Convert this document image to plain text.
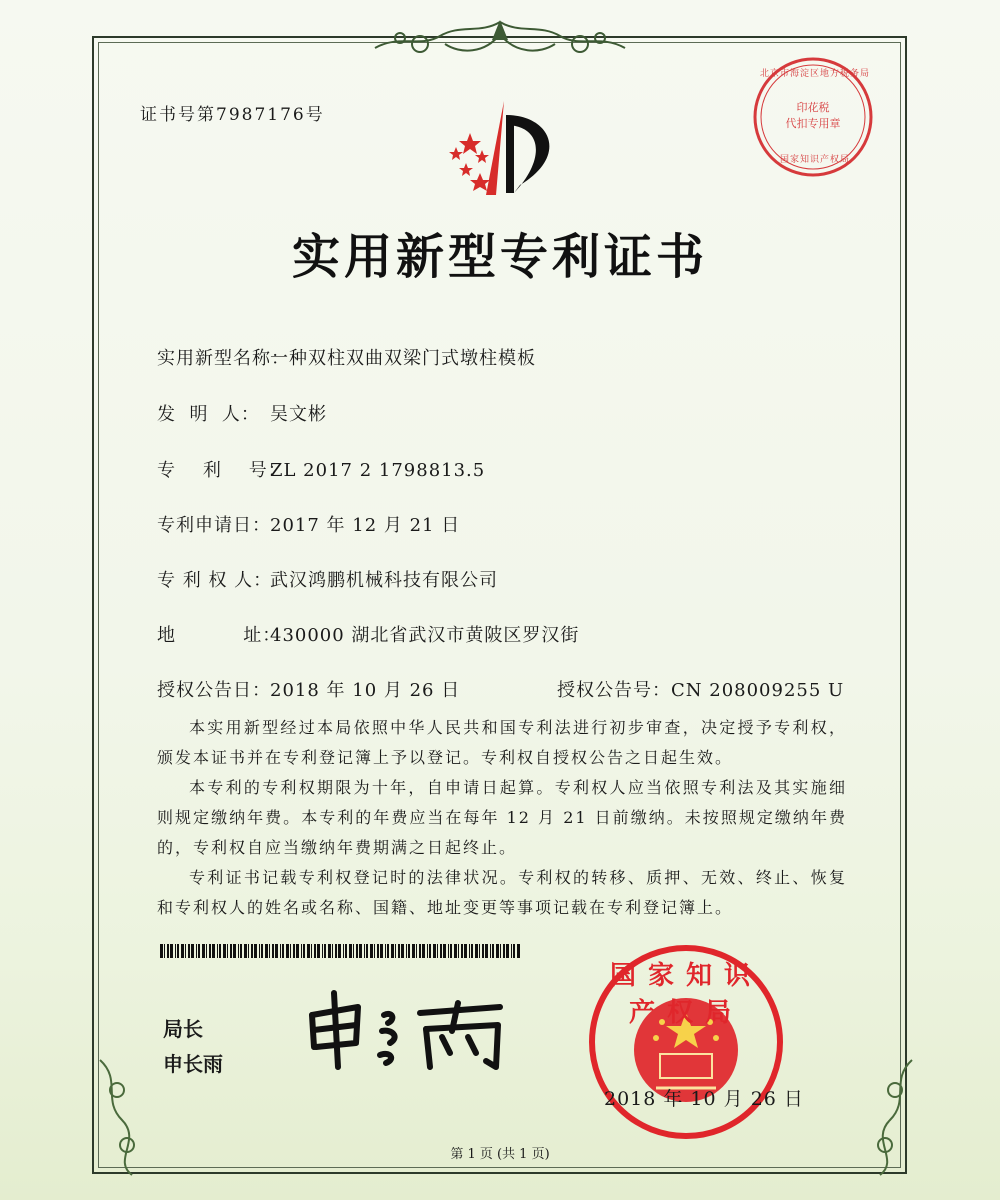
证书号第7987176号	印花税
代扣专用章
北京市海淀区地方税务局
国家知识产权局
实用新型专利证书
实用新型名称：一种双柱双曲双梁门式墩柱模板
发  明  人： 吴文彬
专    利    号：ZL 2017 2 1798813.5
专利申请日：2017 年 12 月 21 日
专 利 权 人：武汉鸿鹏机械科技有限公司
地          址：430000 湖北省武汉市黄陂区罗汉街
授权公告日：2018 年 10 月 26 日	授权公告号：CN 208009255 U

本实用新型经过本局依照中华人民共和国专利法进行初步审查，决定授予专利权，颁发本证书并在专利登记簿上予以登记。专利权自授权公告之日起生效。

本专利的专利权期限为十年，自申请日起算。专利权人应当依照专利法及其实施细则规定缴纳年费。本专利的年费应当在每年 12 月 21 日前缴纳。未按照规定缴纳年费的，专利权自应当缴纳年费期满之日起终止。

专利证书记载专利权登记时的法律状况。专利权的转移、质押、无效、终止、恢复和专利权人的姓名或名称、国籍、地址变更等事项记载在专利登记簿上。

局长
申长雨
国家知识产权局
2018 年 10 月 26 日
第 1 页 (共 1 页)
